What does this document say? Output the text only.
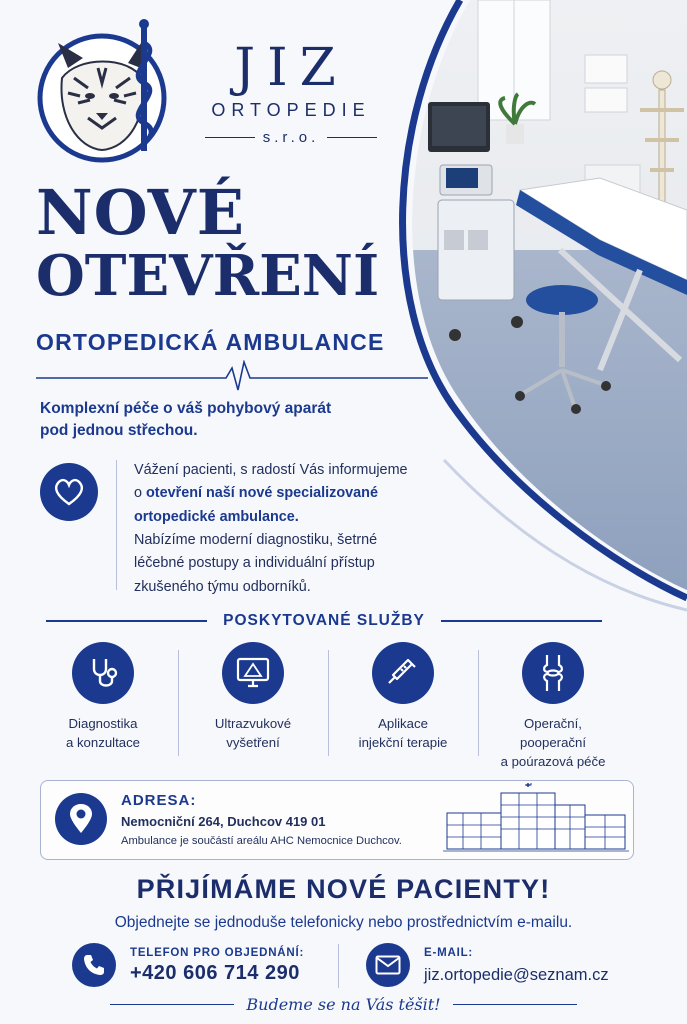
JIZ
ORTOPEDIE
s.r.o.
NOVÉ
OTEVŘENÍ
ORTOPEDICKÁ AMBULANCE
Komplexní péče o váš pohybový aparát
pod jednou střechou.
Vážení pacienti, s radostí Vás informujeme
o otevření naší nové specializované
ortopedické ambulance.
Nabízíme moderní diagnostiku, šetrné
léčebné postupy a individuální přístup
zkušeného týmu odborníků.
POSKYTOVANÉ SLUŽBY
Diagnostika
a konzultace
Ultrazvukové
vyšetření
Aplikace
injekční terapie
Operační,
pooperační
a poúrazová péče
ADRESA:
Nemocniční 264, Duchcov 419 01
Ambulance je součástí areálu AHC Nemocnice Duchcov.
PŘIJÍMÁME NOVÉ PACIENTY!
Objednejte se jednoduše telefonicky nebo prostřednictvím e-mailu.
TELEFON PRO OBJEDNÁNÍ:
+420 606 714 290
E-MAIL:
jiz.ortopedie@seznam.cz
Budeme se na Vás těšit!
